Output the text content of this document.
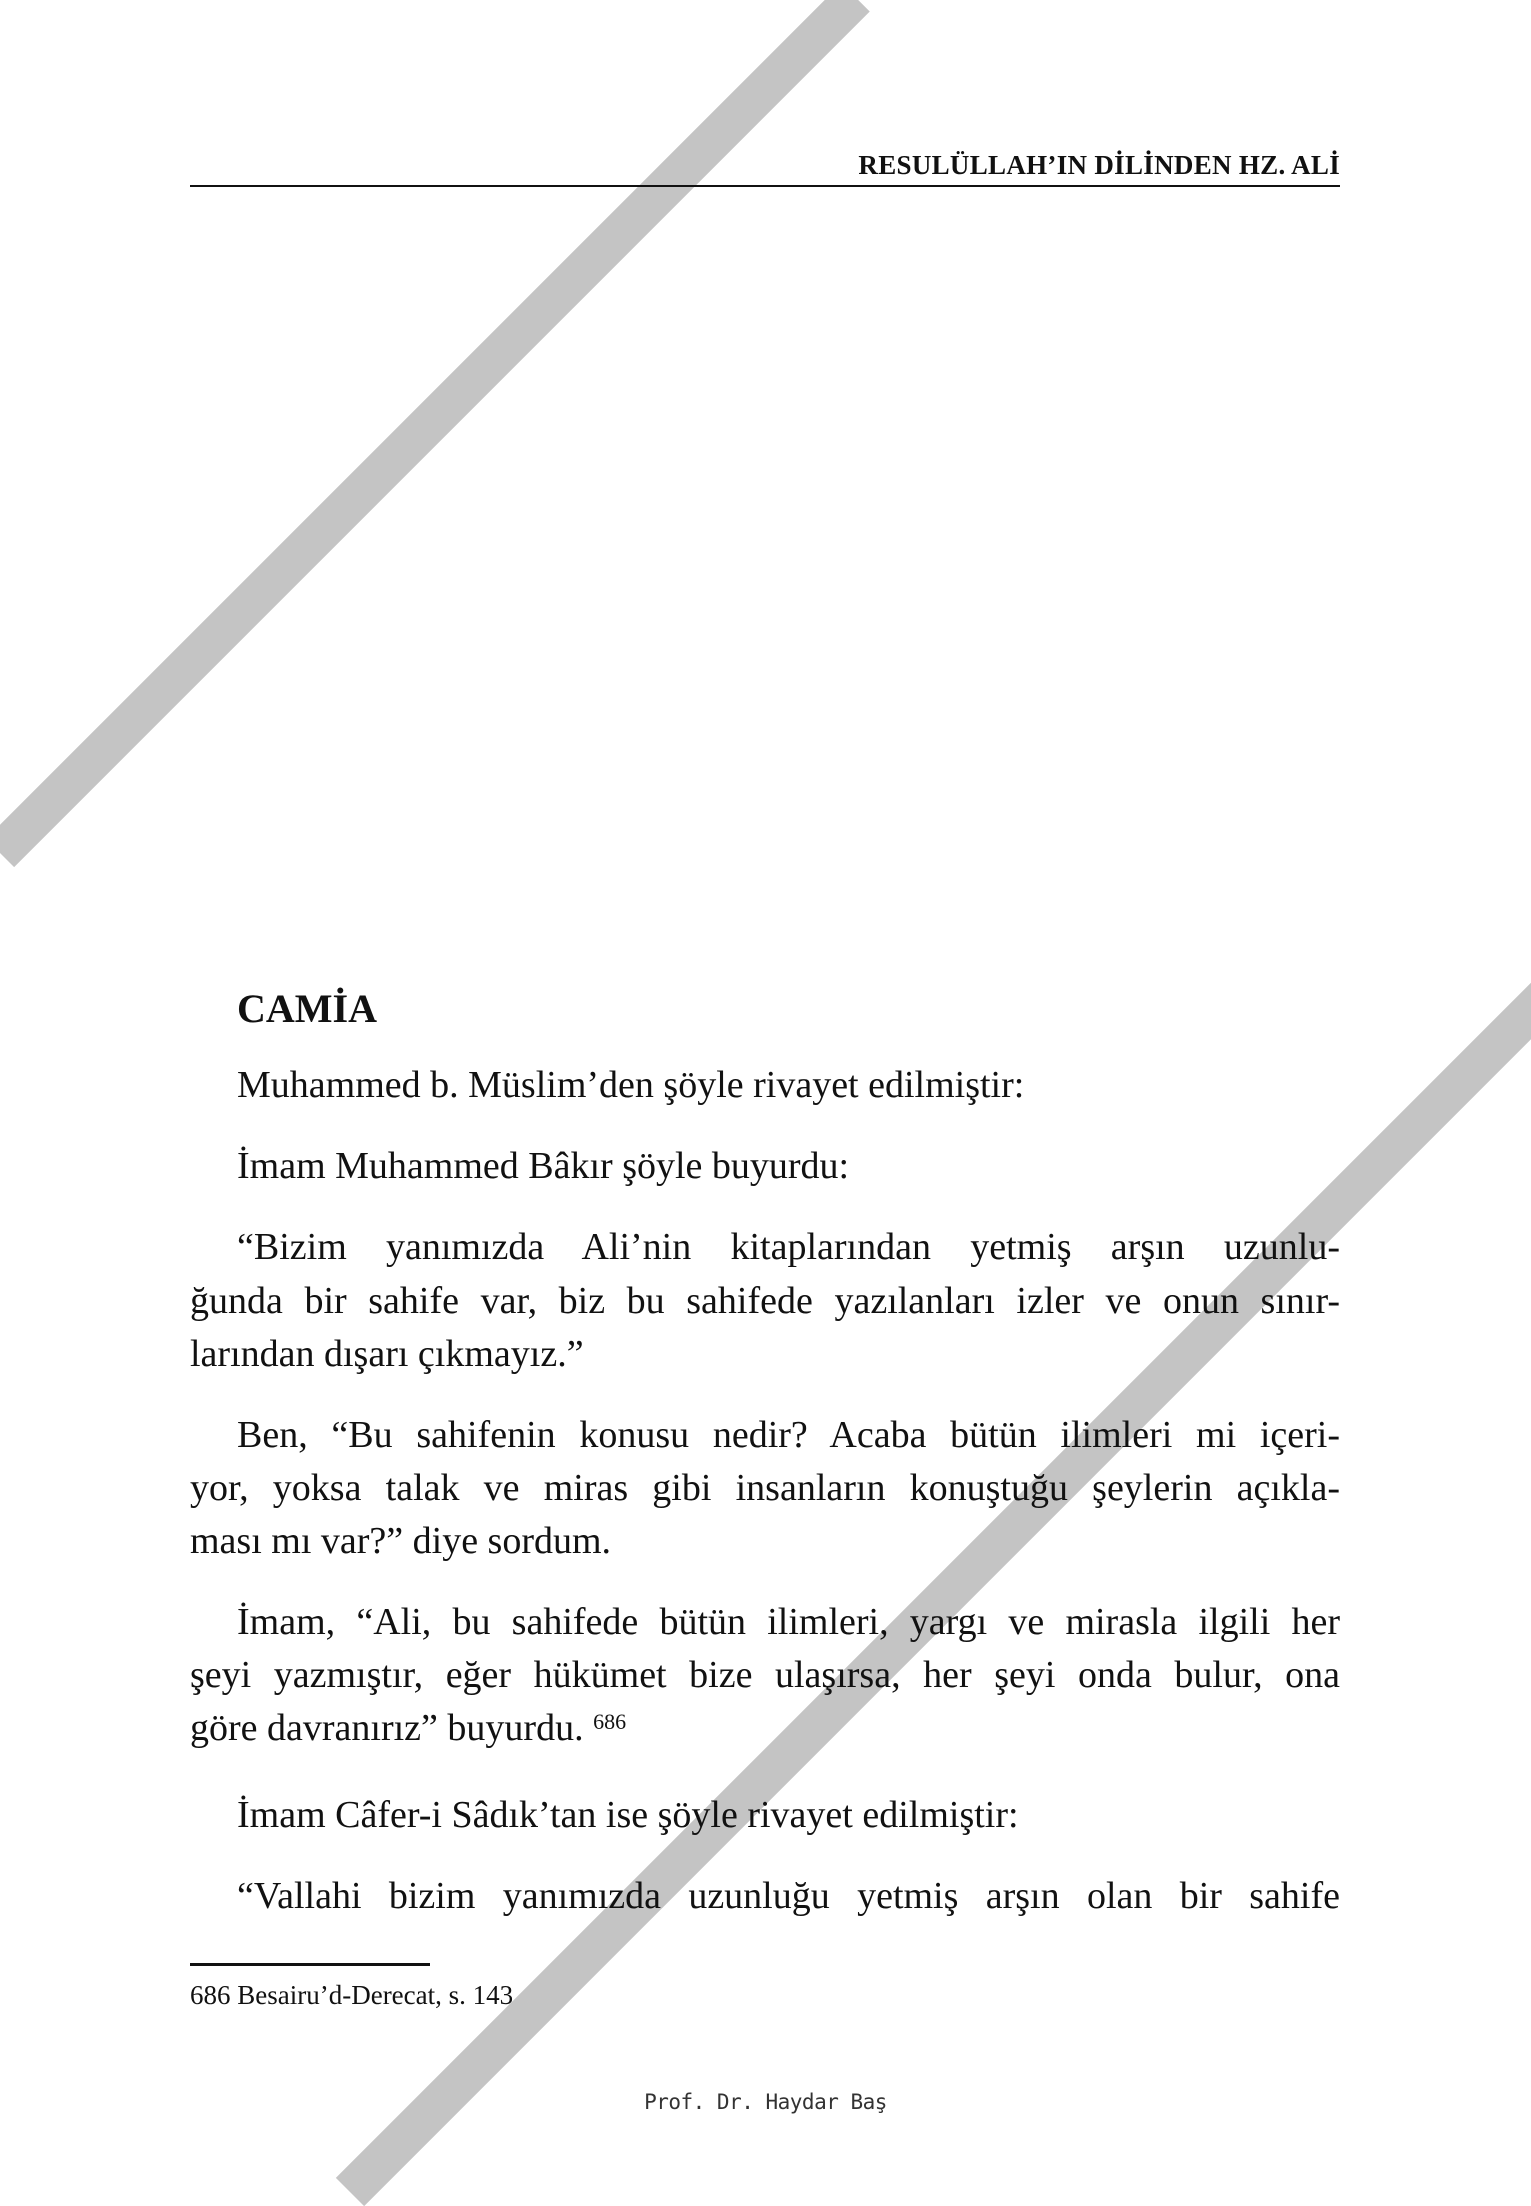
RESULÜLLAH’IN DİLİNDEN HZ. ALİ
CAMİA
Muhammed b. Müslim’den şöyle rivayet edilmiştir:
İmam Muhammed Bâkır şöyle buyurdu:
“Bizim yanımızda Ali’nin kitaplarından yetmiş arşın uzunlu-
ğunda bir sahife var, biz bu sahifede yazılanları izler ve onun sınır-
larından dışarı çıkmayız.”
Ben, “Bu sahifenin konusu nedir? Acaba bütün ilimleri mi içeri-
yor, yoksa talak ve miras gibi insanların konuştuğu şeylerin açıkla-
ması mı var?” diye sordum.
İmam, “Ali, bu sahifede bütün ilimleri, yargı ve mirasla ilgili her
şeyi yazmıştır, eğer hükümet bize ulaşırsa, her şeyi onda bulur, ona
göre davranırız” buyurdu. $^{686}$
İmam Câfer-i Sâdık’tan ise şöyle rivayet edilmiştir:
“Vallahi bizim yanımızda uzunluğu yetmiş arşın olan bir sahife
686 Besairu’d-Derecat, s. 143
Prof. Dr. Haydar Baş
